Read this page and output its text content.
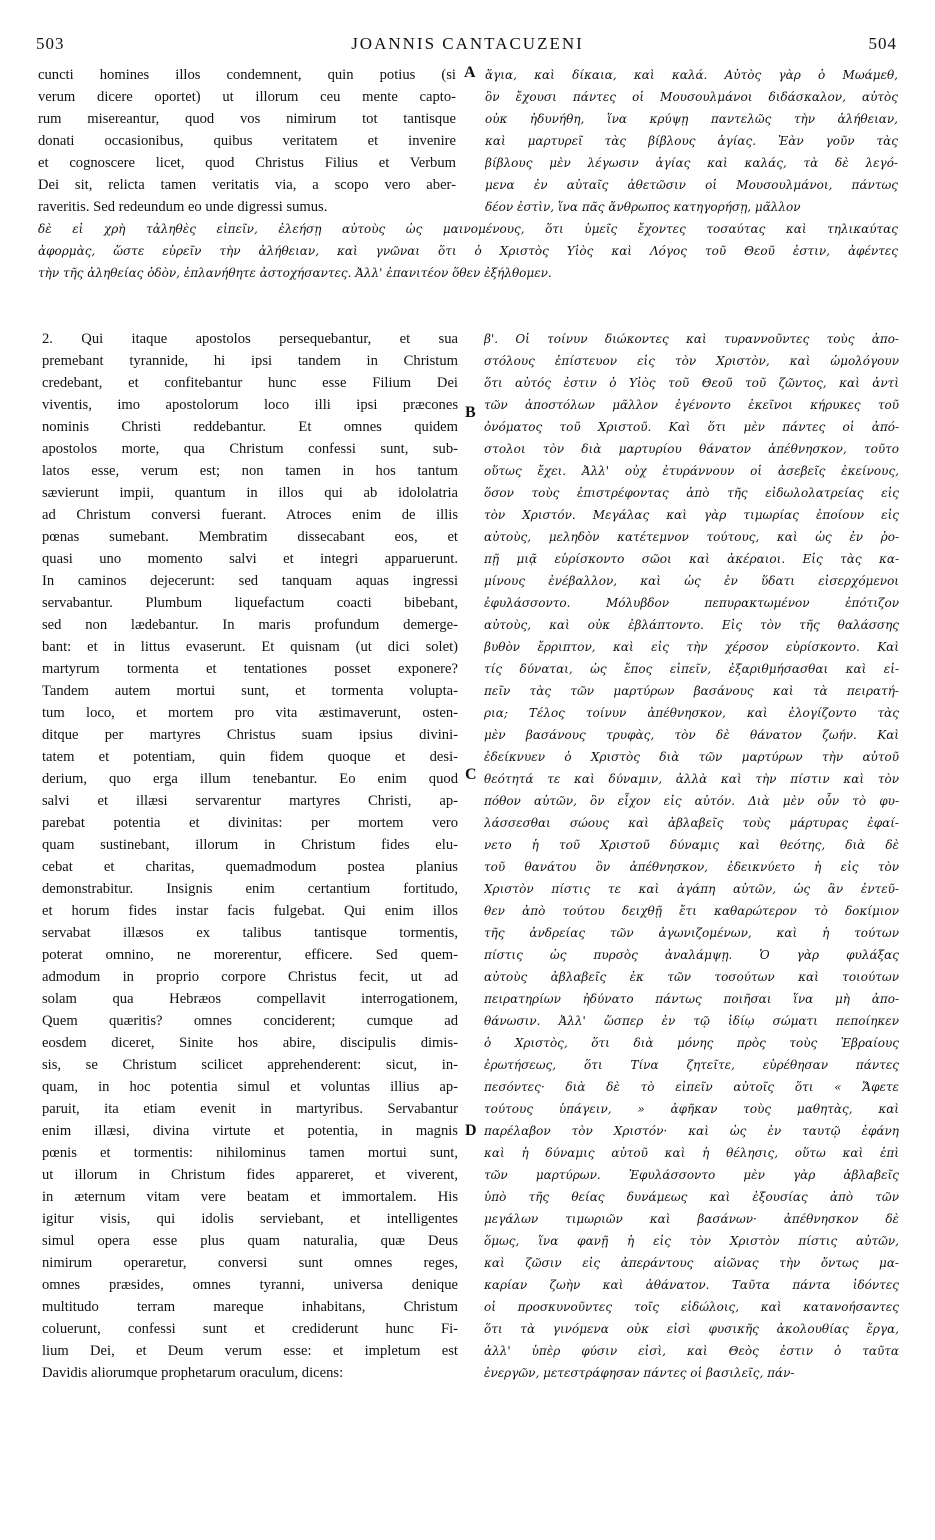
503	JOANNIS CANTACUZENI	504
cuncti homines illos condemnent, quin potius (si
verum dicere oportet) ut illorum ceu mente capto-
rum misereantur, quod vos nimirum tot tantisque
donati occasionibus, quibus veritatem et invenire
et cognoscere licet, quod Christus Filius et Verbum
Dei sit, relicta tamen veritatis via, a scopo vero aber-
raveritis. Sed redeundum eo unde digressi sumus.
ἅγια, καὶ δίκαια, καὶ καλά. Αὐτὸς γὰρ ὁ Μωάμεθ,
ὃν ἔχουσι πάντες οἱ Μουσουλμάνοι διδάσκαλον, αὐτὸς
οὐκ ἠδυνήθη, ἵνα κρύψῃ παντελῶς τὴν ἀλήθειαν,
καὶ μαρτυρεῖ τὰς βίβλους ἁγίας. Ἐὰν γοῦν τὰς
βίβλους μὲν λέγωσιν ἁγίας καὶ καλάς, τὰ δὲ λεγό-
μενα ἐν αὐταῖς ἀθετῶσιν οἱ Μουσουλμάνοι, πάντως
δέον ἐστὶν, ἵνα πᾶς ἄνθρωπος κατηγορήσῃ, μᾶλλον
δὲ εἰ χρὴ τἀληθὲς εἰπεῖν, ἐλεήσῃ αὐτοὺς ὡς μαινομένους, ὅτι ὑμεῖς ἔχοντες τοσαύτας καὶ τηλικαύτας
ἀφορμὰς, ὥστε εὑρεῖν τὴν ἀλήθειαν, καὶ γνῶναι ὅτι ὁ Χριστὸς Υἱὸς καὶ Λόγος τοῦ Θεοῦ ἐστιν, ἀφέντες
τὴν τῆς ἀληθείας ὁδὸν, ἐπλανήθητε ἀστοχήσαντες. Ἀλλ' ἐπανιτέον ὅθεν ἐξήλθομεν.
A
B
C
D
2. Qui itaque apostolos persequebantur, et sua
premebant tyrannide, hi ipsi tandem in Christum
credebant, et confitebantur hunc esse Filium Dei
viventis, imo apostolorum loco illi ipsi præcones
nominis Christi reddebantur. Et omnes quidem
apostolos morte, qua Christum confessi sunt, sub-
latos esse, verum est; non tamen in hos tantum
sævierunt impii, quantum in illos qui ab idololatria
ad Christum conversi fuerant. Atroces enim de illis
pœnas sumebant. Membratim dissecabant eos, et
quasi uno momento salvi et integri apparuerunt.
In caminos dejecerunt: sed tanquam aquas ingressi
servabantur. Plumbum liquefactum coacti bibebant,
sed non lædebantur. In maris profundum demerge-
bant: et in littus evaserunt. Et quisnam (ut dici solet)
martyrum tormenta et tentationes posset exponere?
Tandem autem mortui sunt, et tormenta volupta-
tum loco, et mortem pro vita æstimaverunt, osten-
ditque per martyres Christus suam ipsius divini-
tatem et potentiam, quin fidem quoque et desi-
derium, quo erga illum tenebantur. Eo enim quod
salvi et illæsi servarentur martyres Christi, ap-
parebat potentia et divinitas: per mortem vero
quam sustinebant, illorum in Christum fides elu-
cebat et charitas, quemadmodum postea planius
demonstrabitur. Insignis enim certantium fortitudo,
et horum fides instar facis fulgebat. Qui enim illos
servabat illæsos ex talibus tantisque tormentis,
poterat omnino, ne morerentur, efficere. Sed quem-
admodum in proprio corpore Christus fecit, ut ad
solam qua Hebræos compellavit interrogationem,
Quem quæritis? omnes conciderent; cumque ad
eosdem diceret, Sinite hos abire, discipulis dimis-
sis, se Christum scilicet apprehenderent: sicut, in-
quam, in hoc potentia simul et voluntas illius ap-
paruit, ita etiam evenit in martyribus. Servabantur
enim illæsi, divina virtute et potentia, in magnis
pœnis et tormentis: nihilominus tamen mortui sunt,
ut illorum in Christum fides appareret, et viverent,
in æternum vitam vere beatam et immortalem. His
igitur visis, qui idolis serviebant, et intelligentes
simul opera esse plus quam naturalia, quæ Deus
nimirum operaretur, conversi sunt omnes reges,
omnes præsides, omnes tyranni, universa denique
multitudo terram mareque inhabitans, Christum
coluerunt, confessi sunt et crediderunt hunc Fi-
lium Dei, et Deum verum esse: et impletum est
Davidis aliorumque prophetarum oraculum, dicens:
β'. Οἱ τοίνυν διώκοντες καὶ τυραννοῦντες τοὺς ἀπο-
στόλους ἐπίστευον εἰς τὸν Χριστὸν, καὶ ὡμολόγουν
ὅτι αὐτός ἐστιν ὁ Υἱὸς τοῦ Θεοῦ τοῦ ζῶντος, καὶ ἀντὶ
τῶν ἀποστόλων μᾶλλον ἐγένοντο ἐκεῖνοι κήρυκες τοῦ
ὀνόματος τοῦ Χριστοῦ. Καὶ ὅτι μὲν πάντες οἱ ἀπό-
στολοι τὸν διὰ μαρτυρίου θάνατον ἀπέθνησκον, τοῦτο
οὕτως ἔχει. Ἀλλ' οὐχ ἐτυράννουν οἱ ἀσεβεῖς ἐκείνους,
ὅσον τοὺς ἐπιστρέφοντας ἀπὸ τῆς εἰδωλολατρείας εἰς
τὸν Χριστόν. Μεγάλας καὶ γὰρ τιμωρίας ἐποίουν εἰς
αὐτοὺς, μεληδὸν κατέτεμνον τούτους, καὶ ὡς ἐν ῥο-
πῇ μιᾷ εὑρίσκοντο σῶοι καὶ ἀκέραιοι. Εἰς τὰς κα-
μίνους ἐνέβαλλον, καὶ ὡς ἐν ὕδατι εἰσερχόμενοι
ἐφυλάσσοντο. Μόλυβδον πεπυρακτωμένον ἐπότιζον
αὐτοὺς, καὶ οὐκ ἐβλάπτοντο. Εἰς τὸν τῆς θαλάσσης
βυθὸν ἔρριπτον, καὶ εἰς τὴν χέρσον εὑρίσκοντο. Καὶ
τίς δύναται, ὡς ἔπος εἰπεῖν, ἐξαριθμήσασθαι καὶ εἰ-
πεῖν τὰς τῶν μαρτύρων βασάνους καὶ τὰ πειρατή-
ρια; Τέλος τοίνυν ἀπέθνησκον, καὶ ἐλογίζοντο τὰς
μὲν βασάνους τρυφὰς, τὸν δὲ θάνατον ζωήν. Καὶ
ἐδείκνυεν ὁ Χριστὸς διὰ τῶν μαρτύρων τὴν αὐτοῦ
θεότητά τε καὶ δύναμιν, ἀλλὰ καὶ τὴν πίστιν καὶ τὸν
πόθον αὐτῶν, ὃν εἶχον εἰς αὐτόν. Διὰ μὲν οὖν τὸ φυ-
λάσσεσθαι σώους καὶ ἀβλαβεῖς τοὺς μάρτυρας ἐφαί-
νετο ἡ τοῦ Χριστοῦ δύναμις καὶ θεότης, διὰ δὲ
τοῦ θανάτου ὃν ἀπέθνησκον, ἐδεικνύετο ἡ εἰς τὸν
Χριστὸν πίστις τε καὶ ἀγάπη αὐτῶν, ὡς ἂν ἐντεῦ-
θεν ἀπὸ τούτου δειχθῇ ἔτι καθαρώτερον τὸ δοκίμιον
τῆς ἀνδρείας τῶν ἀγωνιζομένων, καὶ ἡ τούτων
πίστις ὡς πυρσὸς ἀναλάμψῃ. Ὁ γὰρ φυλάξας
αὐτοὺς ἀβλαβεῖς ἐκ τῶν τοσούτων καὶ τοιούτων
πειρατηρίων ἠδύνατο πάντως ποιῆσαι ἵνα μὴ ἀπο-
θάνωσιν. Ἀλλ' ὥσπερ ἐν τῷ ἰδίῳ σώματι πεποίηκεν
ὁ Χριστὸς, ὅτι διὰ μόνης πρὸς τοὺς Ἑβραίους
ἐρωτήσεως, ὅτι Τίνα ζητεῖτε, εὑρέθησαν πάντες
πεσόντες· διὰ δὲ τὸ εἰπεῖν αὐτοῖς ὅτι « Ἄφετε
τούτους ὑπάγειν, » ἀφῆκαν τοὺς μαθητὰς, καὶ
παρέλαβον τὸν Χριστόν· καὶ ὡς ἐν ταυτῷ ἐφάνη
καὶ ἡ δύναμις αὐτοῦ καὶ ἡ θέλησις, οὕτω καὶ ἐπὶ
τῶν μαρτύρων. Ἐφυλάσσοντο μὲν γὰρ ἀβλαβεῖς
ὑπὸ τῆς θείας δυνάμεως καὶ ἐξουσίας ἀπὸ τῶν
μεγάλων τιμωριῶν καὶ βασάνων· ἀπέθνησκον δὲ
ὅμως, ἵνα φανῇ ἡ εἰς τὸν Χριστὸν πίστις αὐτῶν,
καὶ ζῶσιν εἰς ἀπεράντους αἰῶνας τὴν ὄντως μα-
καρίαν ζωὴν καὶ ἀθάνατον. Ταῦτα πάντα ἰδόντες
οἱ προσκυνοῦντες τοῖς εἰδώλοις, καὶ κατανοήσαντες
ὅτι τὰ γινόμενα οὐκ εἰσὶ φυσικῆς ἀκολουθίας ἔργα,
ἀλλ' ὑπὲρ φύσιν εἰσὶ, καὶ Θεὸς ἐστιν ὁ ταῦτα
ἐνεργῶν, μετεστράφησαν πάντες οἱ βασιλεῖς, πάν-
